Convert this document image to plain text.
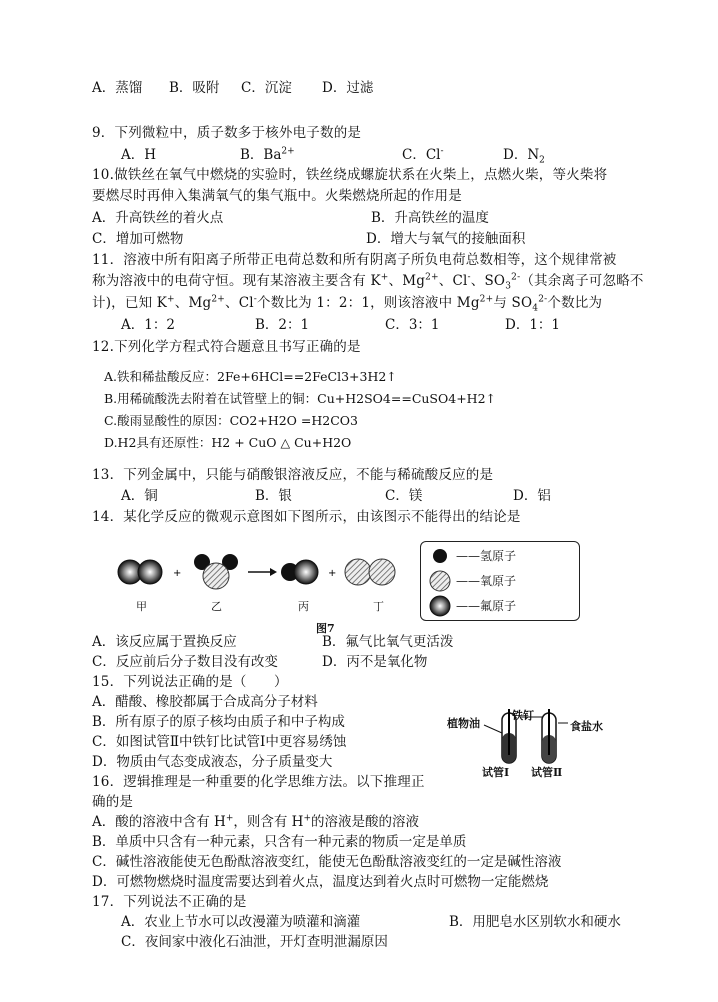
A．蒸馏 B．吸附 C．沉淀 D．过滤
9．下列微粒中，质子数多于核外电子数的是
A．H	B．$Ba^{2+}$	C．Cl-	D．$N_2$
10.做铁丝在氧气中燃烧的实验时，铁丝绕成螺旋状系在火柴上，点燃火柴，等火柴将
要燃尽时再伸入集满氧气的集气瓶中。火柴燃烧所起的作用是
A．升高铁丝的着火点	B．升高铁丝的温度
C．增加可燃物	D．增大与氧气的接触面积
11．溶液中所有阳离子所带正电荷总数和所有阴离子所负电荷总数相等，这个规律常被
称为溶液中的电荷守恒。现有某溶液主要含有 K+、$Mg^{2+}$、Cl-、$SO_3^{2-}$（其余离子可忽略不
计)，已知 K+、$Mg^{2+}$、Cl-个数比为 1：2：1，则该溶液中 $Mg^{2+}$与 $SO_4^{2-}$个数比为
A．1：2	B．2：1	C．3：1	D．1：1
12.下列化学方程式符合题意且书写正确的是
A.铁和稀盐酸反应：2Fe+6HCl==2FeCl3+3H2↑
B.用稀硫酸洗去附着在试管壁上的铜：Cu+H2SO4==CuSO4+H2↑
C.酸雨显酸性的原因：CO2+H2O =H2CO3
D.H2具有还原性：H2 + CuO △ Cu+H2O
13．下列金属中，只能与硝酸银溶液反应，不能与稀硫酸反应的是
A．铜	B．银	C．镁	D．铝
14．某化学反应的微观示意图如下图所示，由该图示不能得出的结论是
+	+
甲	乙	丙	丁
图7
——氢原子
——氧原子
——氟原子
A．该反应属于置换反应	B．氟气比氧气更活泼
C．反应前后分子数目没有改变	D．丙不是氧化物
15．下列说法正确的是（　　）
A．醋酸、橡胶都属于合成高分子材料
B．所有原子的原子核均由质子和中子构成
C．如图试管Ⅱ中铁钉比试管Ⅰ中更容易绣蚀
D．物质由气态变成液态，分子质量变大
植物油
铁钉
食盐水
试管Ⅰ 试管Ⅱ
16．逻辑推理是一种重要的化学思维方法。以下推理正
确的是
A．酸的溶液中含有 H+，则含有 H+的溶液是酸的溶液
B．单质中只含有一种元素，只含有一种元素的物质一定是单质
C．碱性溶液能使无色酚酞溶液变红，能使无色酚酞溶液变红的一定是碱性溶液
D．可燃物燃烧时温度需要达到着火点，温度达到着火点时可燃物一定能燃烧
17．下列说法不正确的是
A．农业上节水可以改漫灌为喷灌和滴灌	B．用肥皂水区别软水和硬水
C．夜间家中液化石油泄，开灯查明泄漏原因
